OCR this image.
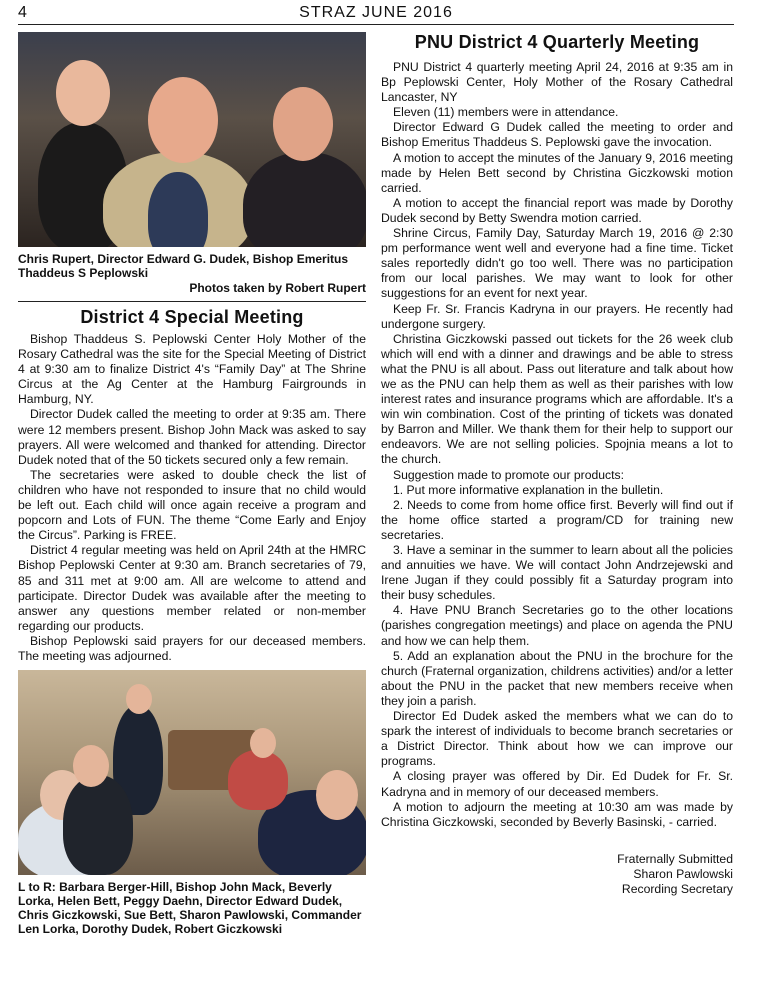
4	STRAZ JUNE 2016
Chris Rupert, Director Edward G. Dudek, Bishop Emeritus Thaddeus S Peplowski
Photos taken by Robert Rupert
District 4 Special Meeting

Bishop Thaddeus S. Peplowski Center Holy Mother of the Rosary Cathedral was the site for the Special Meeting of District 4 at 9:30 am to finalize District 4's “Family Day” at The Shrine Circus at the Ag Center at the Hamburg Fairgrounds in Hamburg, NY.

Director Dudek called the meeting to order at 9:35 am. There were 12 members present. Bishop John Mack was asked to say prayers. All were welcomed and thanked for attending. Director Dudek noted that of the 50 tickets secured only a few remain.

The secretaries were asked to double check the list of children who have not responded to insure that no child would be left out. Each child will once again receive a program and popcorn and Lots of FUN. The theme “Come Early and Enjoy the Circus”. Parking is FREE.

District 4 regular meeting was held on April 24th at the HMRC Bishop Peplowski Center at 9:30 am. Branch secretaries of 79, 85 and 311 met at 9:00 am. All are welcome to attend and participate. Director Dudek was available after the meeting to answer any questions member related or non-member regarding our products.

Bishop Peplowski said prayers for our deceased members. The meeting was adjourned.

L to R: Barbara Berger-Hill, Bishop John Mack, Beverly Lorka, Helen Bett, Peggy Daehn, Director Edward Dudek, Chris Giczkowski, Sue Bett, Sharon Pawlowski, Commander Len Lorka, Dorothy Dudek, Robert Giczkowski
PNU District 4 Quarterly Meeting

PNU District 4 quarterly meeting April 24, 2016 at 9:35 am in Bp Peplowski Center, Holy Mother of the Rosary Cathedral Lancaster, NY

Eleven (11) members were in attendance.

Director Edward G Dudek called the meeting to order and Bishop Emeritus Thaddeus S. Peplowski gave the invocation.

A motion to accept the minutes of the January 9, 2016 meeting made by Helen Bett second by Christina Giczkowski motion carried.

A motion to accept the financial report was made by Dorothy Dudek second by Betty Swendra motion carried.

Shrine Circus, Family Day, Saturday March 19, 2016 @ 2:30 pm performance went well and everyone had a fine time. Ticket sales reportedly didn't go too well. There was no participation from our local parishes. We may want to look for other suggestions for an event for next year.

Keep Fr. Sr. Francis Kadryna in our prayers. He recently had undergone surgery.

Christina Giczkowski passed out tickets for the 26 week club which will end with a dinner and drawings and be able to stress what the PNU is all about. Pass out literature and talk about how we as the PNU can help them as well as their parishes with low interest rates and insurance programs which are affordable. It's a win win combination. Cost of the printing of tickets was donated by Barron and Miller. We thank them for their help to support our endeavors. We are not selling policies. Spojnia means a lot to the church.

Suggestion made to promote our products:

1. Put more informative explanation in the bulletin.

2. Needs to come from home office first. Beverly will find out if the home office started a program/CD for training new secretaries.

3. Have a seminar in the summer to learn about all the policies and annuities we have. We will contact John Andrzejewski and Irene Jugan if they could possibly fit a Saturday program into their busy schedules.

4. Have PNU Branch Secretaries go to the other locations (parishes congregation meetings) and place on agenda the PNU and how we can help them.

5. Add an explanation about the PNU in the brochure for the church (Fraternal organization, childrens activities) and/or a letter about the PNU in the packet that new members receive when they join a parish.

Director Ed Dudek asked the members what we can do to spark the interest of individuals to become branch secretaries or a District Director. Think about how we can improve our programs.

A closing prayer was offered by Dir. Ed Dudek for Fr. Sr. Kadryna and in memory of our deceased members.

A motion to adjourn the meeting at 10:30 am was made by Christina Giczkowski, seconded by Beverly Basinski, - carried.

Fraternally Submitted
Sharon Pawlowski
Recording Secretary
